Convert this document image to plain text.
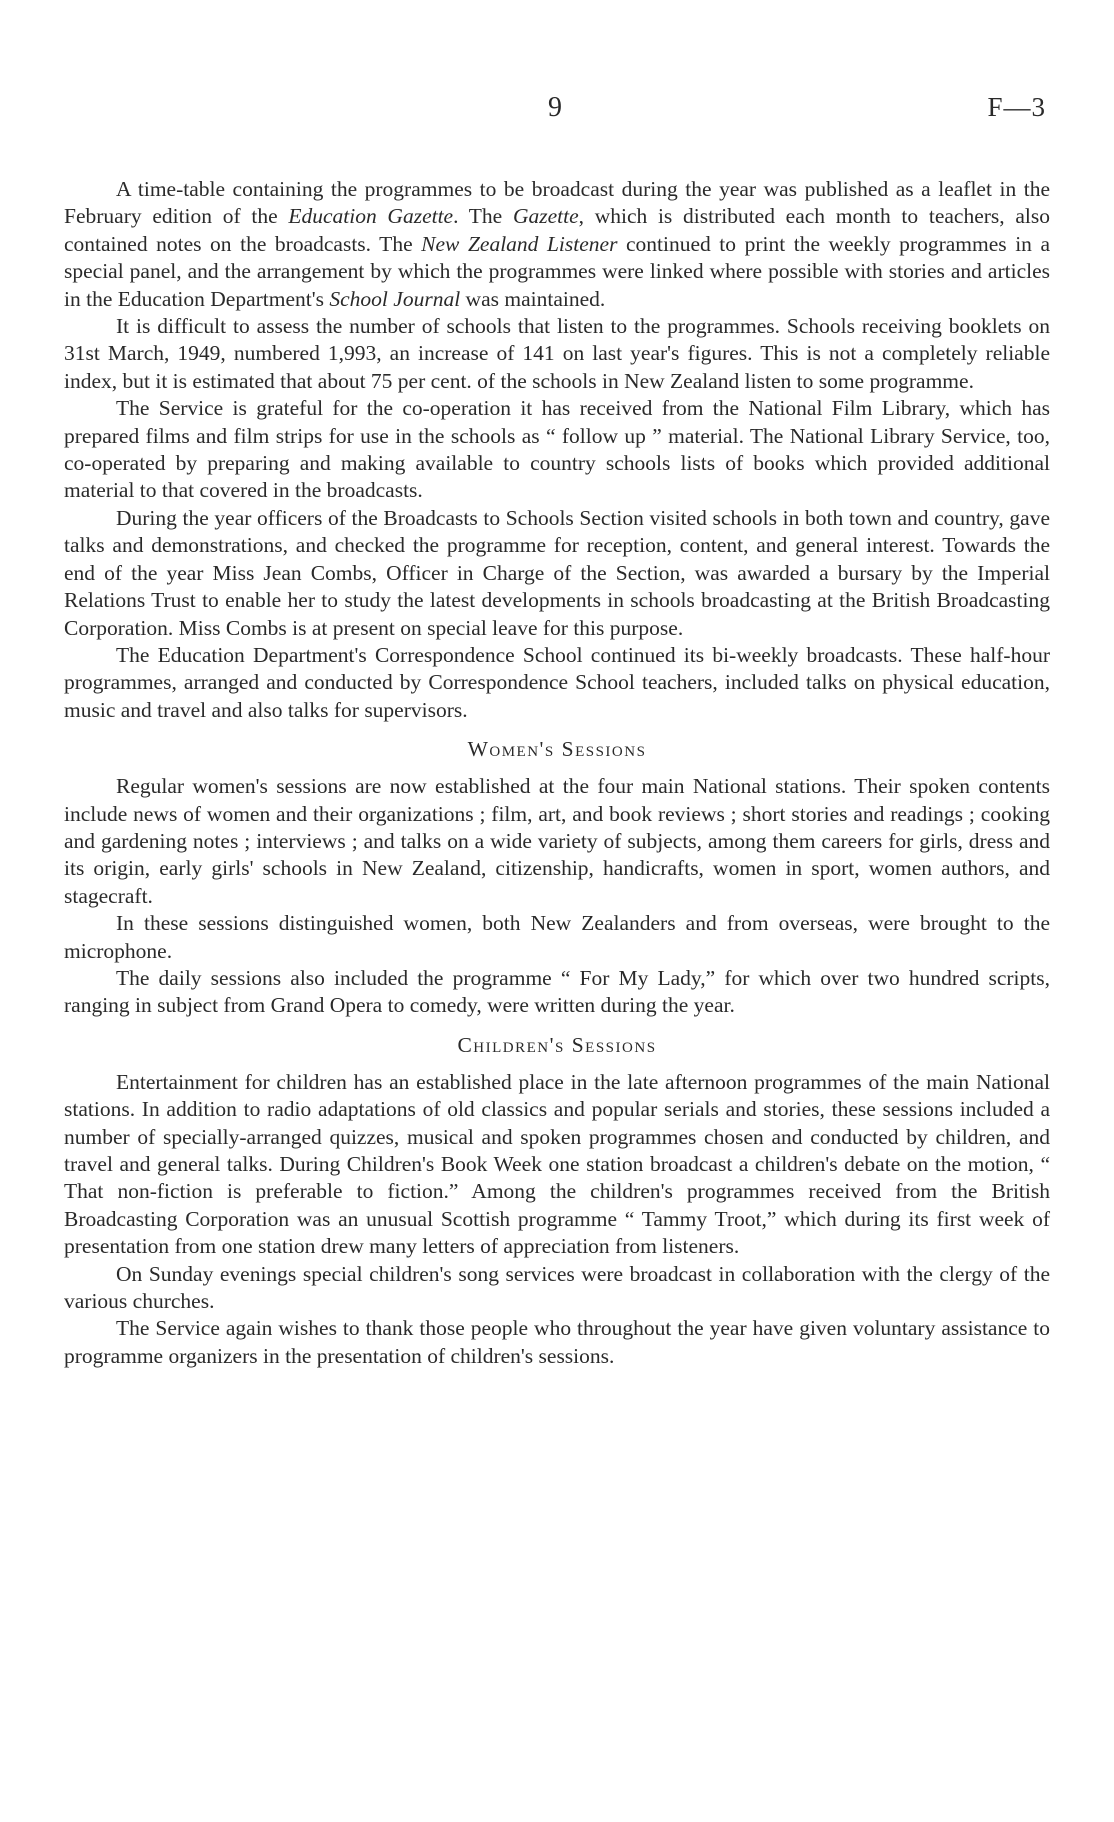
9	F—3

A time-table containing the programmes to be broadcast during the year was published as a leaflet in the February edition of the Education Gazette. The Gazette, which is distributed each month to teachers, also contained notes on the broadcasts. The New Zealand Listener continued to print the weekly programmes in a special panel, and the arrangement by which the programmes were linked where possible with stories and articles in the Education Department's School Journal was maintained.

It is difficult to assess the number of schools that listen to the programmes. Schools receiving booklets on 31st March, 1949, numbered 1,993, an increase of 141 on last year's figures. This is not a completely reliable index, but it is estimated that about 75 per cent. of the schools in New Zealand listen to some programme.

The Service is grateful for the co-operation it has received from the National Film Library, which has prepared films and film strips for use in the schools as “ follow up ” material. The National Library Service, too, co-operated by preparing and making available to country schools lists of books which provided additional material to that covered in the broadcasts.

During the year officers of the Broadcasts to Schools Section visited schools in both town and country, gave talks and demonstrations, and checked the programme for reception, content, and general interest. Towards the end of the year Miss Jean Combs, Officer in Charge of the Section, was awarded a bursary by the Imperial Relations Trust to enable her to study the latest developments in schools broadcasting at the British Broadcasting Corporation. Miss Combs is at present on special leave for this purpose.

The Education Department's Correspondence School continued its bi-weekly broadcasts. These half-hour programmes, arranged and conducted by Correspondence School teachers, included talks on physical education, music and travel and also talks for supervisors.

Women's Sessions

Regular women's sessions are now established at the four main National stations. Their spoken contents include news of women and their organizations ; film, art, and book reviews ; short stories and readings ; cooking and gardening notes ; interviews ; and talks on a wide variety of subjects, among them careers for girls, dress and its origin, early girls' schools in New Zealand, citizenship, handicrafts, women in sport, women authors, and stagecraft.

In these sessions distinguished women, both New Zealanders and from overseas, were brought to the microphone.

The daily sessions also included the programme “ For My Lady,” for which over two hundred scripts, ranging in subject from Grand Opera to comedy, were written during the year.

Children's Sessions

Entertainment for children has an established place in the late afternoon programmes of the main National stations. In addition to radio adaptations of old classics and popular serials and stories, these sessions included a number of specially-arranged quizzes, musical and spoken programmes chosen and conducted by children, and travel and general talks. During Children's Book Week one station broadcast a children's debate on the motion, “ That non-fiction is preferable to fiction.” Among the children's programmes received from the British Broadcasting Corporation was an unusual Scottish programme “ Tammy Troot,” which during its first week of presentation from one station drew many letters of appreciation from listeners.

On Sunday evenings special children's song services were broadcast in collaboration with the clergy of the various churches.

The Service again wishes to thank those people who throughout the year have given voluntary assistance to programme organizers in the presentation of children's sessions.
